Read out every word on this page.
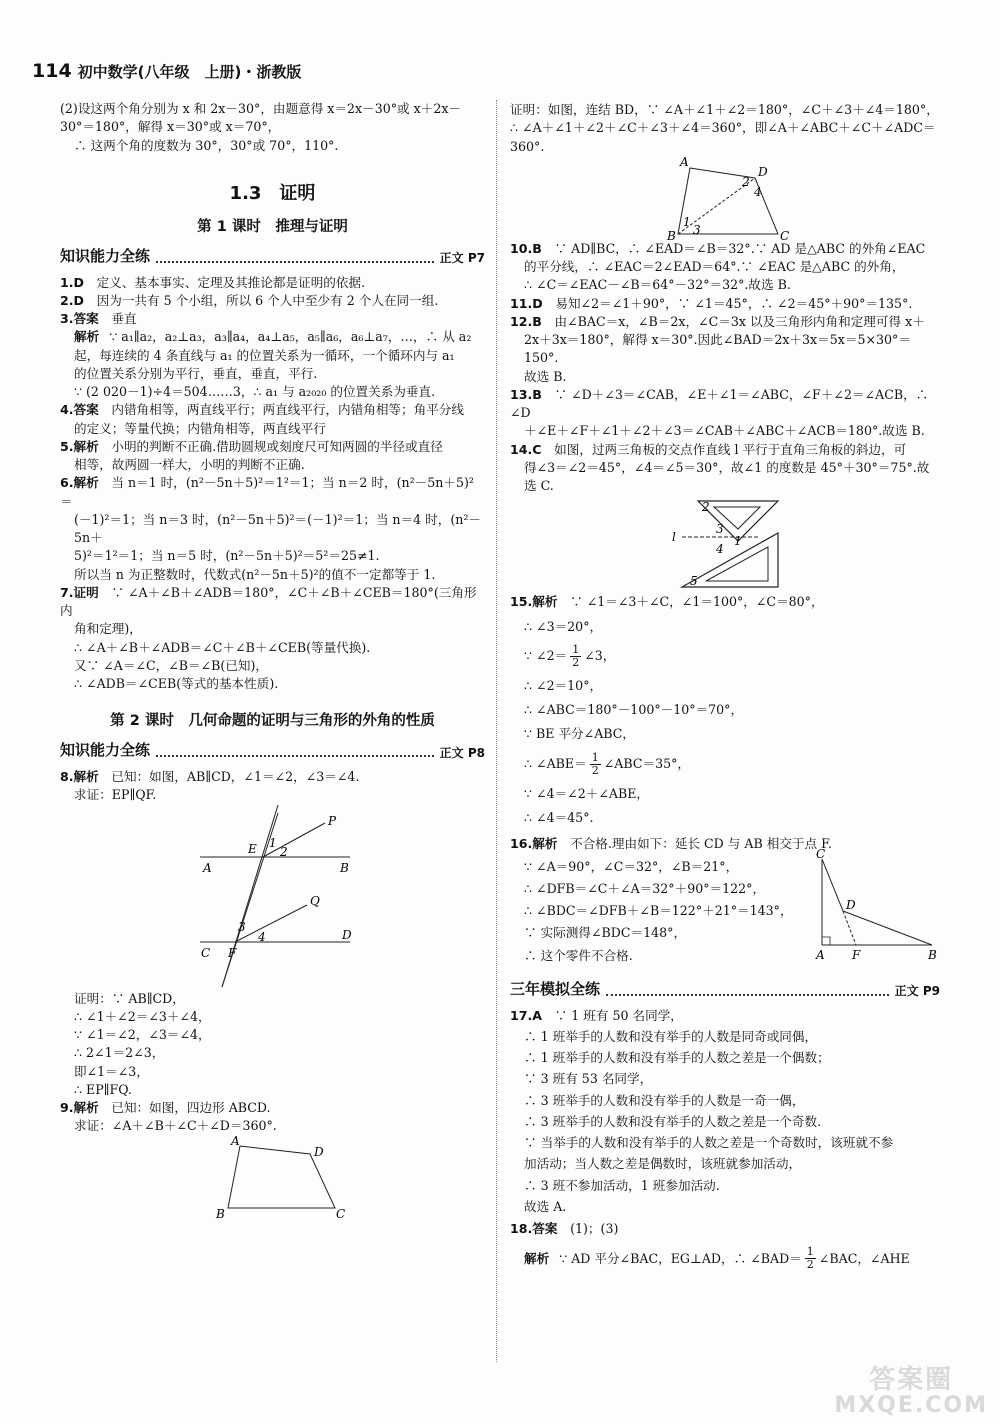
114 初中数学(八年级　上册)・浙教版
(2)设这两个角分别为 x 和 2x－30°，由题意得 x＝2x－30°或 x＋2x－
30°＝180°，解得 x＝30°或 x＝70°，
∴ 这两个角的度数为 30°，30°或 70°，110°.
1.3　证明
第 1 课时　推理与证明
知识能力全练	正文 P7
1.D　 定义、基本事实、定理及其推论都是证明的依据.
2.D　 因为一共有 5 个小组，所以 6 个人中至少有 2 个人在同一组.
3.答案　 垂直
解析 ∵ a₁∥a₂，a₂⊥a₃，a₃∥a₄，a₄⊥a₅，a₅∥a₆，a₆⊥a₇，…，∴ 从 a₂
起，每连续的 4 条直线与 a₁ 的位置关系为一循环，一个循环内与 a₁
的位置关系分别为平行，垂直，垂直，平行.
∵ (2 020－1)÷4＝504……3，∴ a₁ 与 a₂₀₂₀ 的位置关系为垂直.
4.答案　 内错角相等，两直线平行；两直线平行，内错角相等；角平分线
的定义；等量代换；内错角相等，两直线平行
5.解析　 小明的判断不正确.借助圆规或刻度尺可知两圆的半径或直径
相等，故两圆一样大，小明的判断不正确.
6.解析　 当 n＝1 时，(n²－5n＋5)²＝1²＝1；当 n＝2 时，(n²－5n＋5)²＝
(－1)²＝1；当 n＝3 时，(n²－5n＋5)²＝(－1)²＝1；当 n＝4 时，(n²－5n＋
5)²＝1²＝1；当 n＝5 时，(n²－5n＋5)²＝5²＝25≠1.
所以当 n 为正整数时，代数式(n²－5n＋5)²的值不一定都等于 1.
7.证明　 ∵ ∠A＋∠B＋∠ADB＝180°，∠C＋∠B＋∠CEB＝180°(三角形内
角和定理)，
∴ ∠A＋∠B＋∠ADB＝∠C＋∠B＋∠CEB(等量代换).
又∵ ∠A＝∠C，∠B＝∠B(已知)，
∴ ∠ADB＝∠CEB(等式的基本性质).
第 2 课时　几何命题的证明与三角形的外角的性质
知识能力全练	正文 P8
8.解析　 已知：如图，AB∥CD，∠1＝∠2，∠3＝∠4.
求证：EP∥QF.
P
Q
E
A	B
C
D
F
1
2
3
4
证明：∵ AB∥CD，
∴ ∠1＋∠2＝∠3＋∠4，
∵ ∠1＝∠2，∠3＝∠4，
∴ 2∠1＝2∠3，
即∠1＝∠3，
∴ EP∥FQ.
9.解析　 已知：如图，四边形 ABCD.
求证：∠A＋∠B＋∠C＋∠D＝360°.
A
D
B	C
证明：如图，连结 BD，∵ ∠A＋∠1＋∠2＝180°，∠C＋∠3＋∠4＝180°，
∴ ∠A＋∠1＋∠2＋∠C＋∠3＋∠4＝360°，即∠A＋∠ABC＋∠C＋∠ADC＝360°.
A
D
B	C
1
2
3
4
10.B　 ∵ AD∥BC，∴ ∠EAD＝∠B＝32°.∵ AD 是△ABC 的外角∠EAC
的平分线，∴ ∠EAC＝2∠EAD＝64°.∵ ∠EAC 是△ABC 的外角，
∴ ∠C＝∠EAC－∠B＝64°－32°＝32°.故选 B.
11.D　 易知∠2＝∠1＋90°，∵ ∠1＝45°，∴ ∠2＝45°＋90°＝135°.
12.B　 由∠BAC＝x，∠B＝2x，∠C＝3x 以及三角形内角和定理可得 x＋
2x＋3x＝180°，解得 x＝30°.因此∠BAD＝2x＋3x＝5x＝5×30°＝150°.
故选 B.
13.B　 ∵ ∠D＋∠3＝∠CAB，∠E＋∠1＝∠ABC，∠F＋∠2＝∠ACB，∴ ∠D
＋∠E＋∠F＋∠1＋∠2＋∠3＝∠CAB＋∠ABC＋∠ACB＝180°.故选 B.
14.C　 如图，过两三角板的交点作直线 l 平行于直角三角板的斜边，可
得∠3＝∠2＝45°，∠4＝∠5＝30°，故∠1 的度数是 45°＋30°＝75°.故选 C.
l	1
2
3
4
5
15.解析　 ∵ ∠1＝∠3＋∠C，∠1＝100°，∠C＝80°，
∴ ∠3＝20°，
∵ ∠2＝ $\frac{1}{2}$ ∠3，
∴ ∠2＝10°，
∴ ∠ABC＝180°－100°－10°＝70°，
∵ BE 平分∠ABC，
∴ ∠ABE＝ $\frac{1}{2}$ ∠ABC＝35°，
∵ ∠4＝∠2＋∠ABE，
∴ ∠4＝45°.
16.解析　 不合格.理由如下：延长 CD 与 AB 相交于点 F.
∵ ∠A＝90°，∠C＝32°，∠B＝21°，
∴ ∠DFB＝∠C＋∠A＝32°＋90°＝122°，
∴ ∠BDC＝∠DFB＋∠B＝122°＋21°＝143°，
∵ 实际测得∠BDC＝148°，
∴ 这个零件不合格.
C
D
A F	B
三年模拟全练	正文 P9
17.A　 ∵ 1 班有 50 名同学，
∴ 1 班举手的人数和没有举手的人数是同奇或同偶，
∴ 1 班举手的人数和没有举手的人数之差是一个偶数；
∵ 3 班有 53 名同学，
∴ 3 班举手的人数和没有举手的人数是一奇一偶，
∴ 3 班举手的人数和没有举手的人数之差是一个奇数.
∵ 当举手的人数和没有举手的人数之差是一个奇数时，该班就不参
加活动；当人数之差是偶数时，该班就参加活动，
∴ 3 班不参加活动，1 班参加活动.
故选 A.
18.答案　 (1)；(3)
解析 ∵ AD 平分∠BAC，EG⊥AD，∴ ∠BAD＝ $\frac{1}{2}$ ∠BAC，∠AHE
答案圈
MXQE.COM
